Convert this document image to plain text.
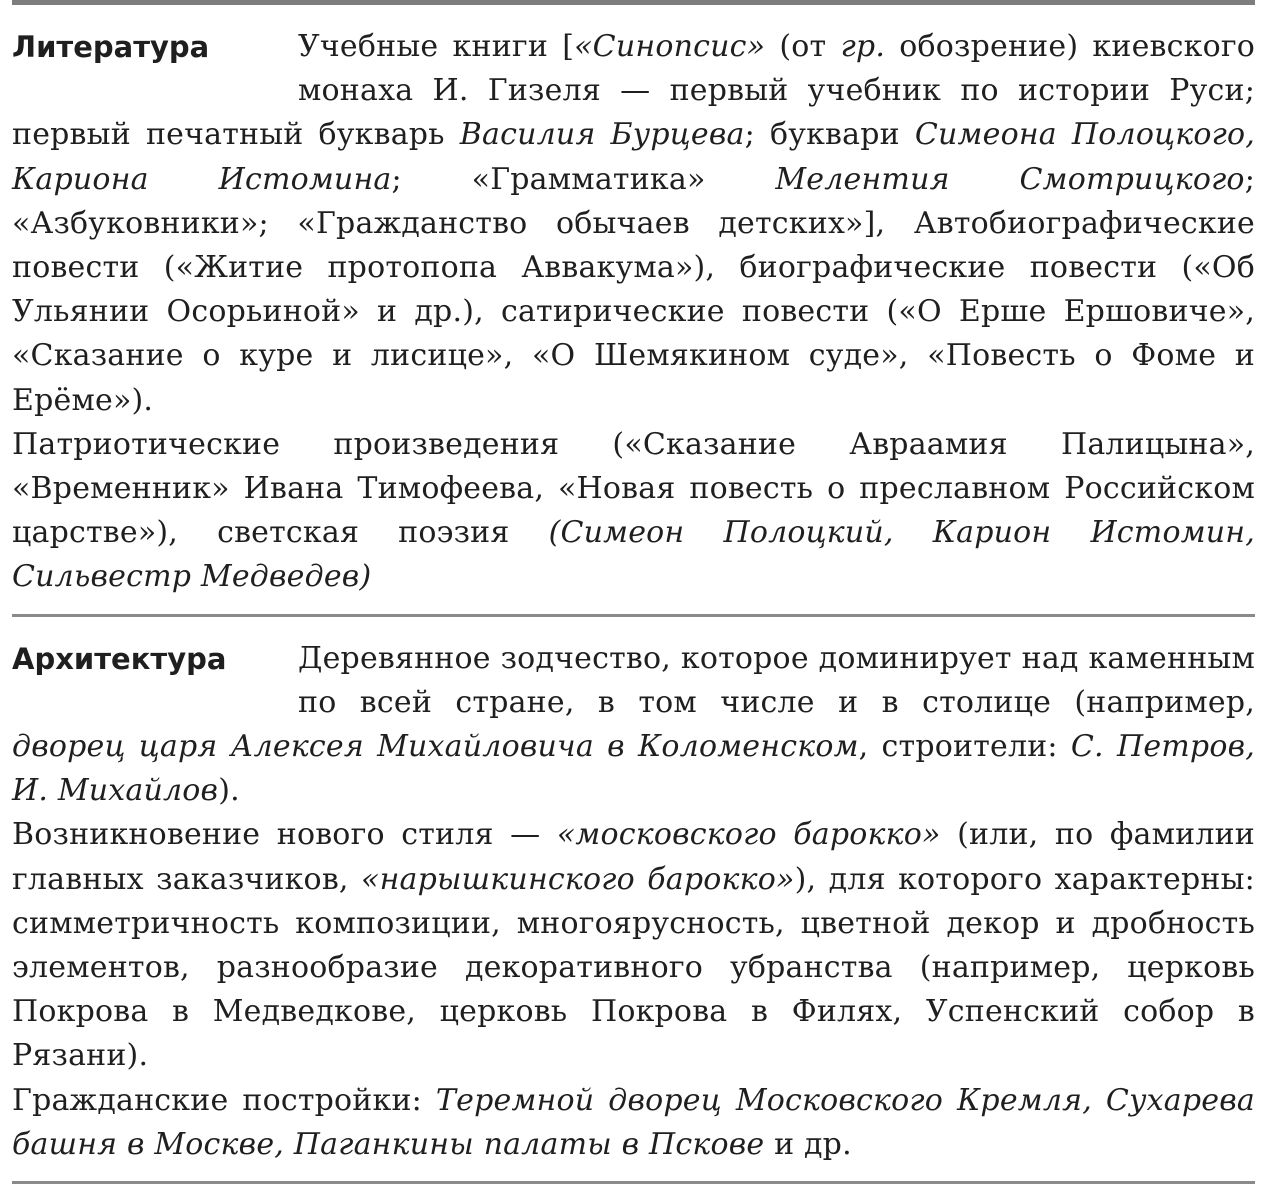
Литература	Учебные книги [«Синопсис» (от гр. обозрение) киевского монаха И. Гизеля — первый учебник по истории Руси; первый печатный букварь Василия Бурцева; буквари Симеона Полоцкого, Кариона Истомина; «Грамматика» Мелентия Смотрицкого; «Азбуковники»; «Гражданство обычаев детских»], Автобиографические повести («Житие протопопа Аввакума»), биографические повести («Об Ульянии Осорьиной» и др.), сатирические повести («О Ерше Ершовиче», «Сказание о куре и лисице», «О Шемякином суде», «Повесть о Фоме и Ерёме»).

Патриотические произведения («Сказание Авраамия Палицына», «Временник» Ивана Тимофеева, «Новая повесть о преславном Российском царстве»), светская поэзия (Симеон Полоцкий, Карион Истомин, Сильвестр Медведев)

Архитектура	Деревянное зодчество, которое доминирует над каменным по всей стране, в том числе и в столице (например, дворец царя Алексея Михайловича в Коломенском, строители: С. Петров, И. Михайлов).

Возникновение нового стиля — «московского барокко» (или, по фамилии главных заказчиков, «нарышкинского барокко»), для которого характерны: симметричность композиции, многоярусность, цветной декор и дробность элементов, разнообразие декоративного убранства (например, церковь Покрова в Медведкове, церковь Покрова в Филях, Успенский собор в Рязани).

Гражданские постройки: Теремной дворец Московского Кремля, Сухарева башня в Москве, Паганкины палаты в Пскове и др.
